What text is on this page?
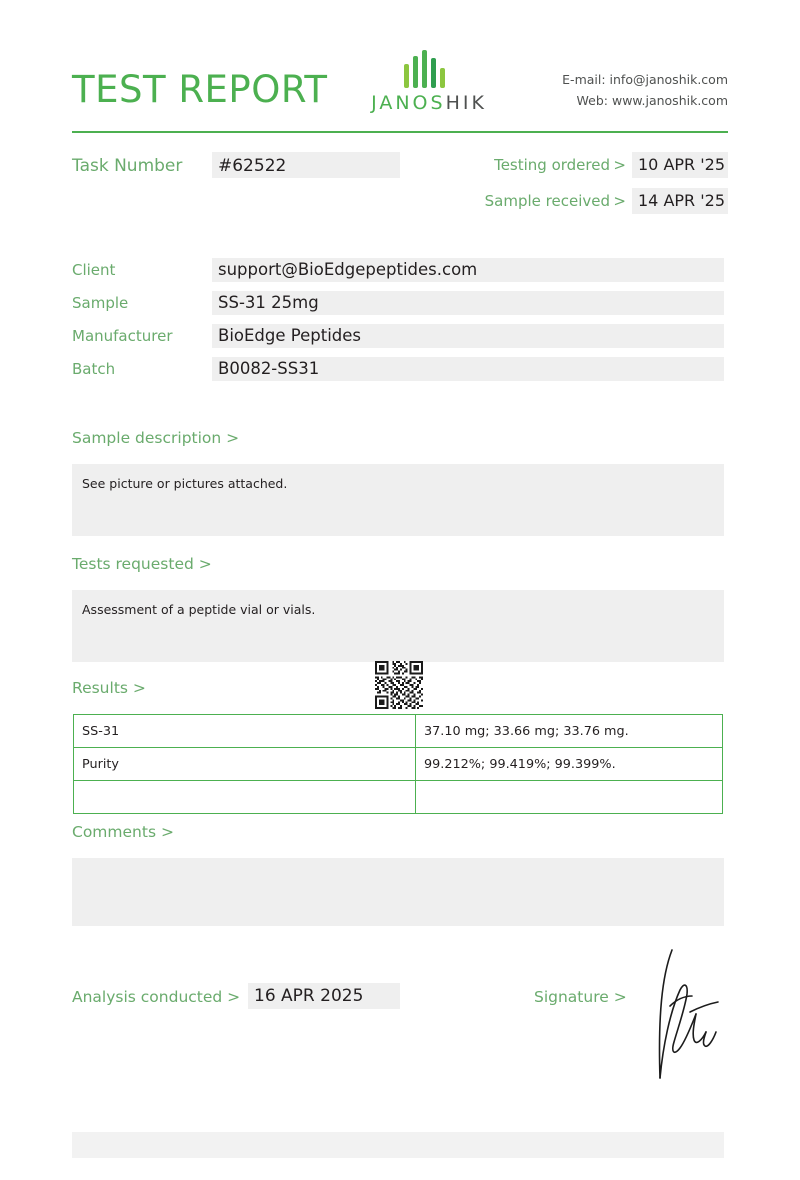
TEST REPORT	JANOSHIK
E-mail: info@janoshik.com
Web: www.janoshik.com
Task Number	#62522	Testing ordered > 10 APR '25
Sample received > 14 APR '25
Client	support@BioEdgepeptides.com
Sample	SS-31 25mg
Manufacturer	BioEdge Peptides
Batch	B0082-SS31
Sample description >
See picture or pictures attached.
Tests requested >
Assessment of a peptide vial or vials.
Results >
SS-31	37.10 mg; 33.66 mg; 33.76 mg.
Purity	99.212%; 99.419%; 99.399%.

Comments >
Analysis conducted > 16 APR 2025	Signature >
